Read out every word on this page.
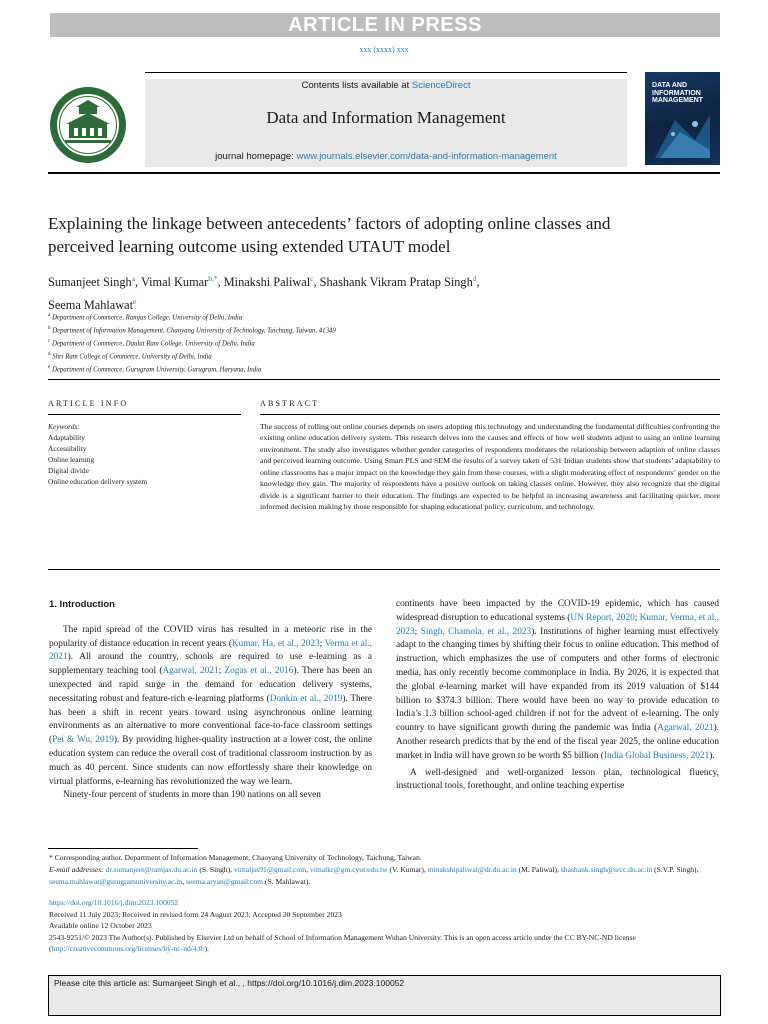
ARTICLE IN PRESS
xxx (xxxx) xxx
Contents lists available at ScienceDirect
Data and Information Management
journal homepage: www.journals.elsevier.com/data-and-information-management
DATA AND
INFORMATION
MANAGEMENT
Explaining the linkage between antecedents’ factors of adopting online classes and perceived learning outcome using extended UTAUT model
Sumanjeet Singh$^a$, Vimal Kumar$^{b,*}$, Minakshi Paliwal$^c$, Shashank Vikram Pratap Singh$^d$,
Seema Mahlawat$^e$
$^a$ Department of Commerce, Ramjas College, University of Delhi, India
$^b$ Department of Information Management, Chaoyang University of Technology, Taichung, Taiwan, 41349
$^c$ Department of Commerce, Daulat Ram College, University of Delhi, India
$^d$ Shri Ram College of Commerce, University of Delhi, India
$^e$ Department of Commerce, Gurugram University, Gurugram, Haryana, India
ARTICLE INFO	ABSTRACT
Keywords:
Adaptability
Accessibility
Online learning
Digital divide
Online education delivery system
The success of rolling out online courses depends on users adopting this technology and understanding the fundamental difficulties confronting the existing online education delivery system. This research delves into the causes and effects of how well students adjust to using an online learning environment. The study also investigates whether gender categories of respondents moderates the relationship between adaption of online classes and perceived learning outcome. Using Smart PLS and SEM the results of a survey taken of 531 Indian students show that students’ adaptability to online classrooms has a major impact on the knowledge they gain from these courses, with a slight moderating effect of respondents’ gender on the knowledge they gain. The majority of respondents have a positive outlook on taking classes online. However, they also recognize that the digital divide is a significant barrier to their education. The findings are expected to be helpful in increasing awareness and facilitating quicker, more informed decision making by those responsible for shaping educational policy, curriculum, and technology.
1. Introduction

The rapid spread of the COVID virus has resulted in a meteoric rise in the popularity of distance education in recent years (Kumar, Ha, et al., 2023; Verma et al., 2021). All around the country, schools are required to use e-learning as a supplementary teaching tool (Agarwal, 2021; Zogas et al., 2016). There has been an unexpected and rapid surge in the demand for education delivery systems, necessitating robust and feature-rich e-learning platforms (Donkin et al., 2019). There has been a shift in recent years toward using asynchronous online learning environments as an alternative to more conventional face-to-face classroom settings (Pei & Wu, 2019). By providing higher-quality instruction at a lower cost, the online education system can reduce the overall cost of traditional classroom instruction by as much as 40 percent. Since students can now effortlessly share their knowledge on virtual platforms, e-learning has revolutionized the way we learn.

Ninety-four percent of students in more than 190 nations on all seven

continents have been impacted by the COVID-19 epidemic, which has caused widespread disruption to educational systems (UN Report, 2020; Kumar, Verma, et al., 2023; Singh, Chamola, et al., 2023). Institutions of higher learning must effectively adapt to the changing times by shifting their focus to online education. This method of instruction, which emphasizes the use of computers and other forms of electronic media, has only recently become commonplace in India. By 2026, it is expected that the global e-learning market will have expanded from its 2019 valuation of $144 billion to $374.3 billion. There would have been no way to provide education to India’s 1.3 billion school-aged children if not for the advent of e-learning. The only country to have significant growth during the pandemic was India (Agarwal, 2021). Another research predicts that by the end of the fiscal year 2025, the online education market in India will have grown to be worth $5 billion (India Global Business, 2021).

A well-designed and well-organized lesson plan, technological fluency, instructional tools, forethought, and online teaching expertise

* Corresponding author. Department of Information Management, Chaoyang University of Technology, Taichung, Taiwan.
E-mail addresses: dr.sumanjeet@ramjas.du.ac.in (S. Singh), vimaljss91@gmail.com, vimalkr@gm.cyut.edu.tw (V. Kumar), minakshipaliwal@dr.du.ac.in (M. Paliwal), shashank.singh@srcc.du.ac.in (S.V.P. Singh), seema.mahlawat@gurugramuniversity.ac.in, seema.aryan@gmail.com (S. Mahlawat).
https://doi.org/10.1016/j.dim.2023.100052
Received 11 July 2023; Received in revised form 24 August 2023; Accepted 30 September 2023
Available online 12 October 2023
2543-9251/© 2023 The Author(s). Published by Elsevier Ltd on behalf of School of Information Management Wuhan University. This is an open access article under the CC BY-NC-ND license (http://creativecommons.org/licenses/by-nc-nd/4.0/).
Please cite this article as: Sumanjeet Singh et al., , https://doi.org/10.1016/j.dim.2023.100052
